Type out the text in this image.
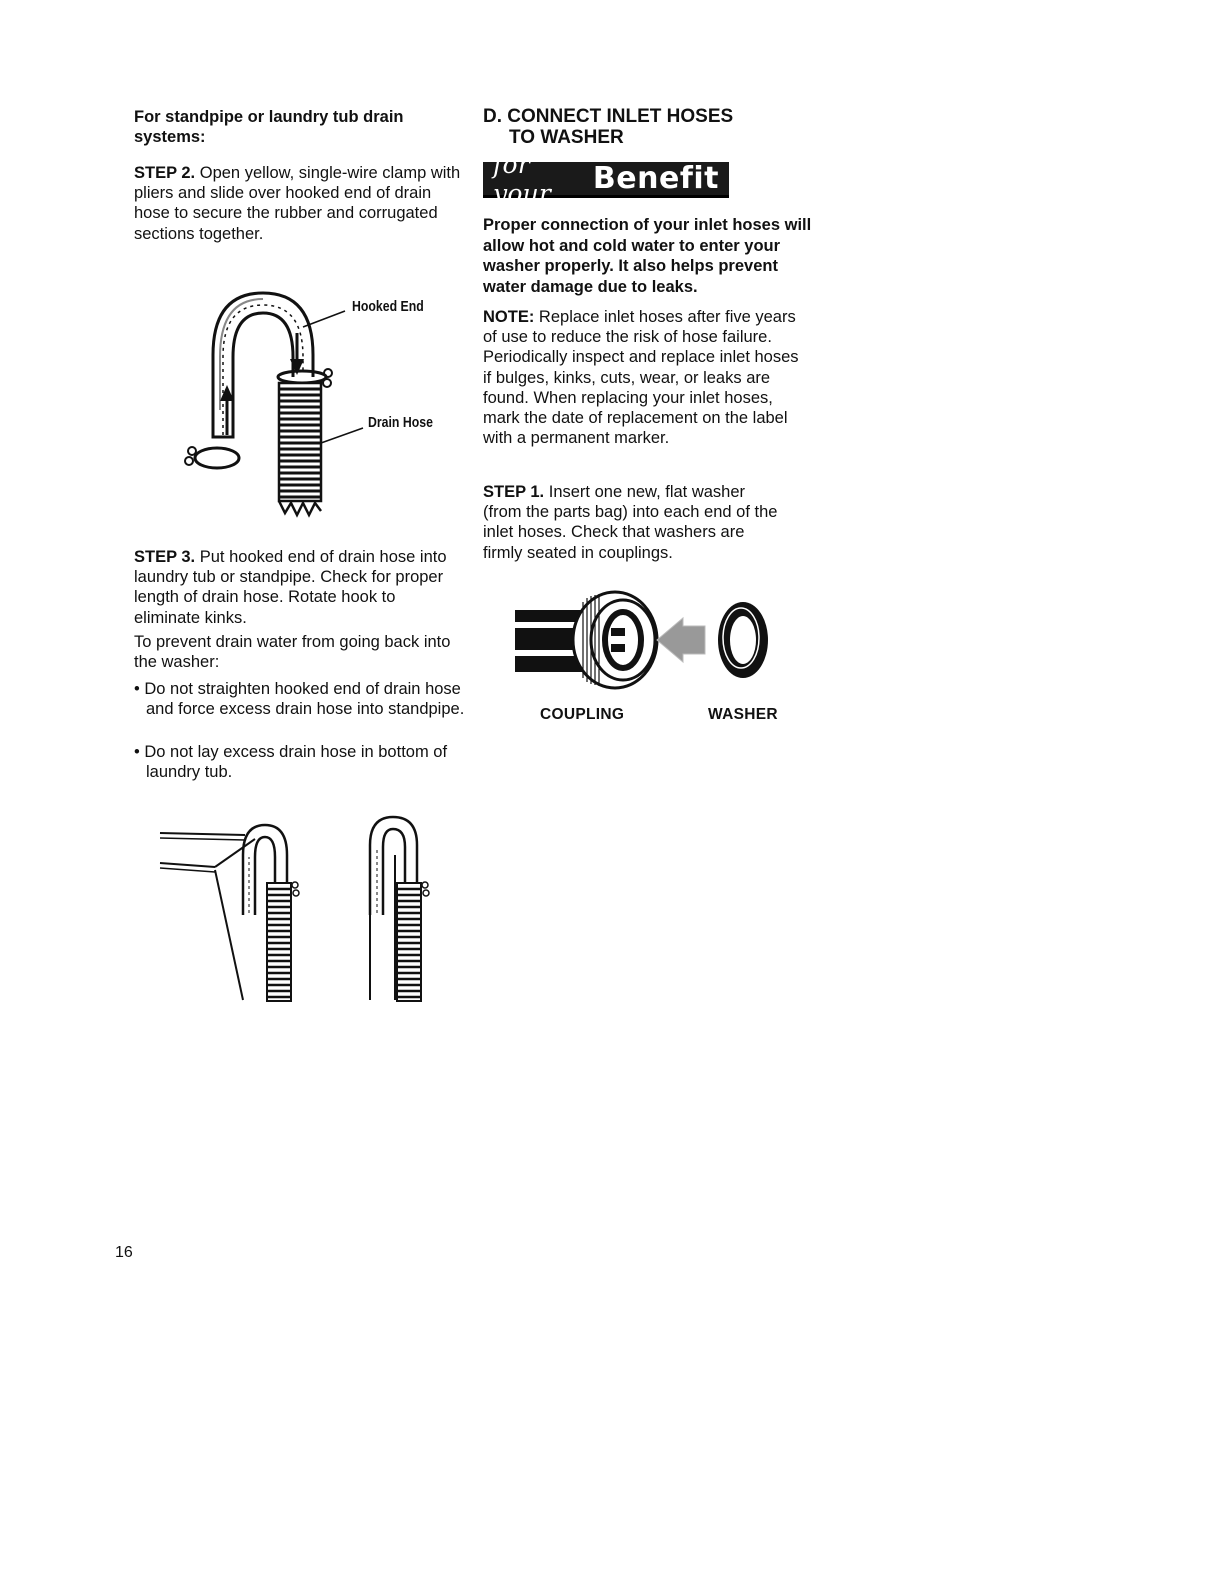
For standpipe or laundry tub drain systems:

STEP 2. Open yellow, single-wire clamp with pliers and slide over hooked end of drain hose to secure the rubber and corrugated sections together.

Hooked End
Drain Hose

STEP 3. Put hooked end of drain hose into laundry tub or standpipe. Check for proper length of drain hose. Rotate hook to eliminate kinks.

To prevent drain water from going back into the washer:

• Do not straighten hooked end of drain hose and force excess drain hose into standpipe.
• Do not lay excess drain hose in bottom of laundry tub.
D. CONNECT INLET HOSES
TO WASHER
for your	Benefit

Proper connection of your inlet hoses will allow hot and cold water to enter your washer properly. It also helps prevent water damage due to leaks.

NOTE: Replace inlet hoses after five years of use to reduce the risk of hose failure. Periodically inspect and replace inlet hoses if bulges, kinks, cuts, wear, or leaks are found. When replacing your inlet hoses, mark the date of replacement on the label with a permanent marker.

STEP 1. Insert one new, flat washer (from the parts bag) into each end of the inlet hoses. Check that washers are firmly seated in couplings.

COUPLING	WASHER
16
